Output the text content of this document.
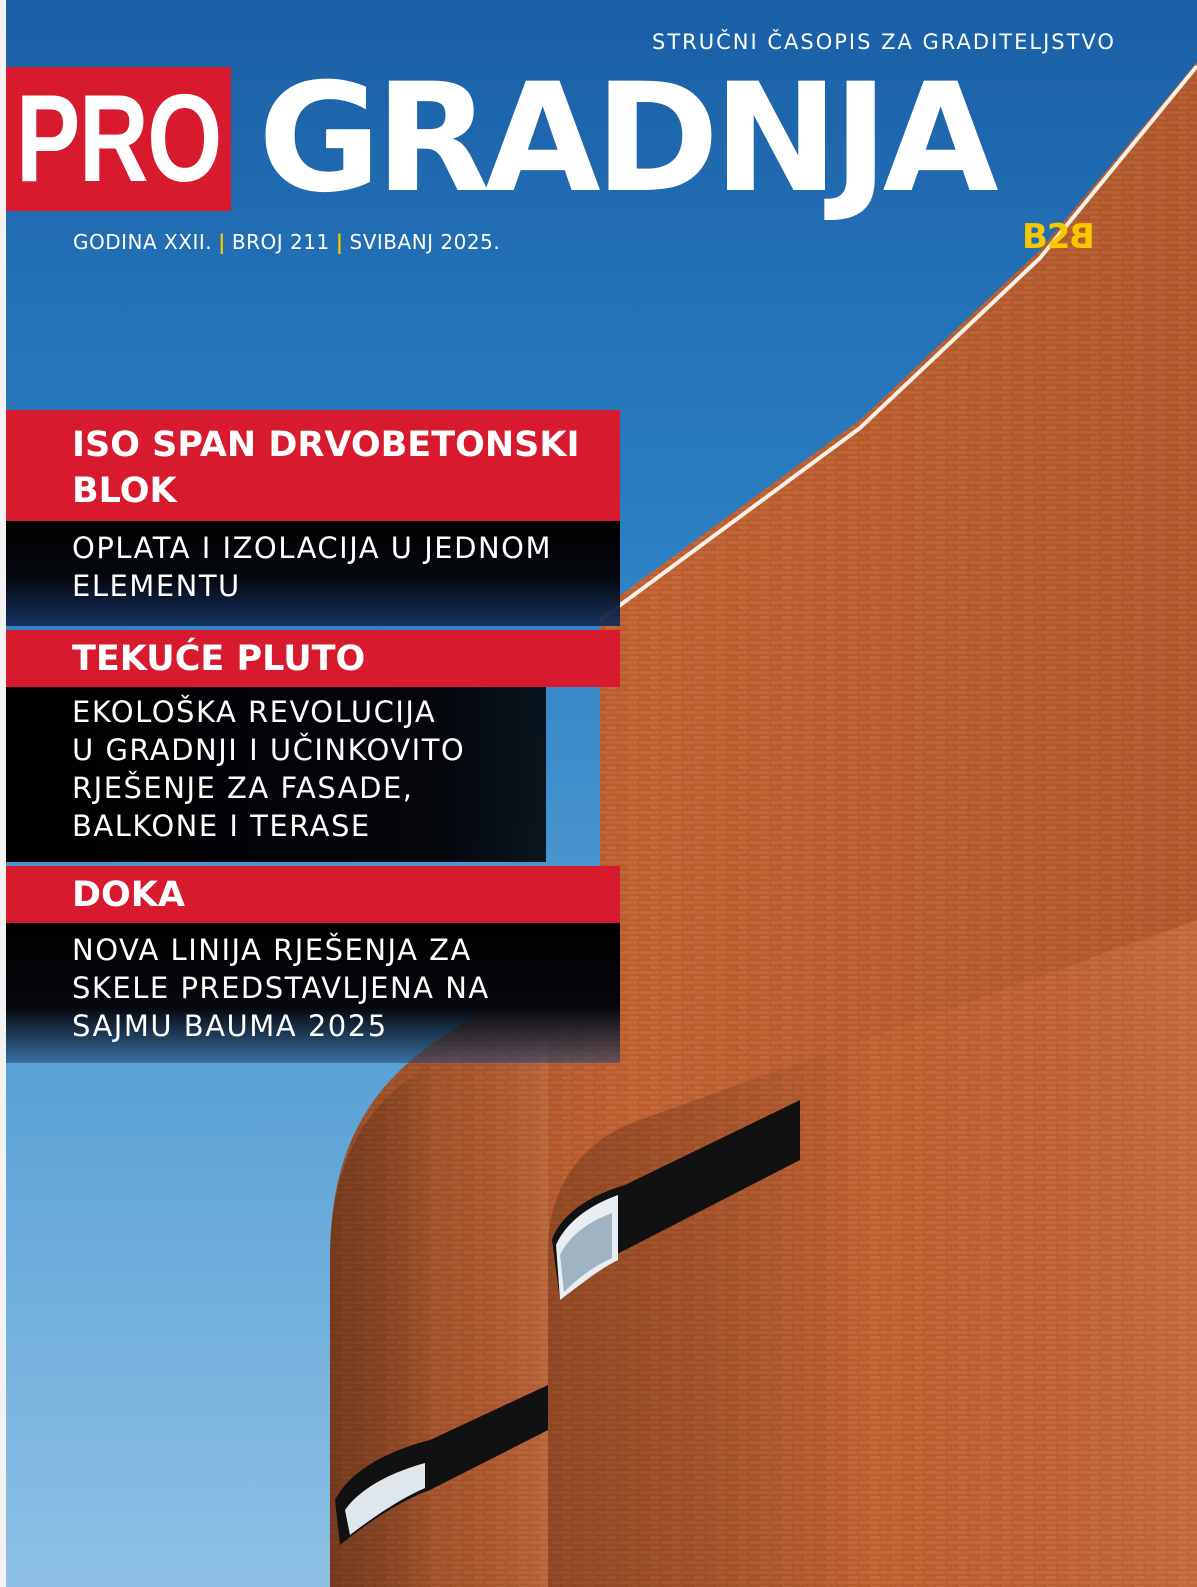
STRUČNI ČASOPIS ZA GRADITELJSTVO
PRO GRADNJA
B2B
GODINA XXII. | BROJ 211 | SVIBANJ 2025.
ISO SPAN DRVOBETONSKI
BLOK
OPLATA I IZOLACIJA U JEDNOM
ELEMENTU
TEKUĆE PLUTO
EKOLOŠKA REVOLUCIJA
U GRADNJI I UČINKOVITO
RJEŠENJE ZA FASADE,
BALKONE I TERASE
DOKA
NOVA LINIJA RJEŠENJA ZA
SKELE PREDSTAVLJENA NA
SAJMU BAUMA 2025
